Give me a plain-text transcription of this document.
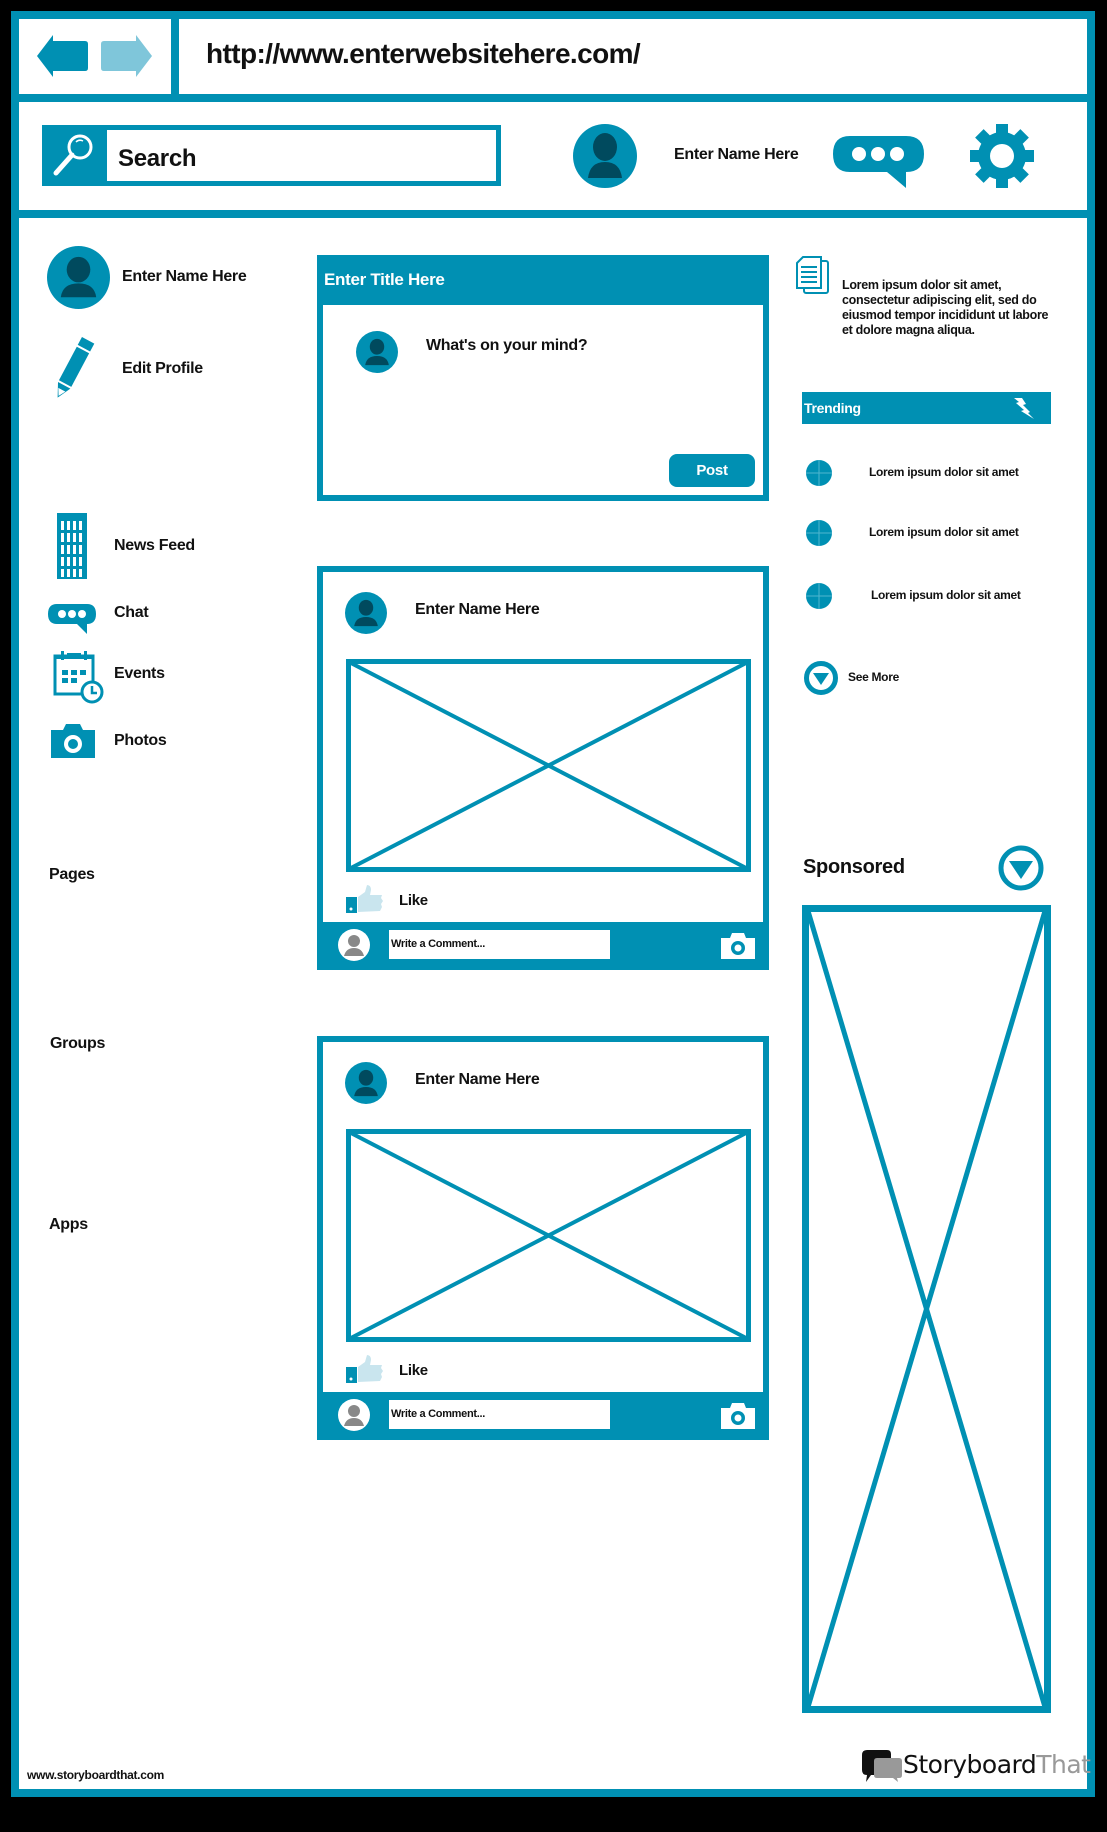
http://www.enterwebsitehere.com/
Search	Enter Name Here
Enter Name Here
Edit Profile
News Feed
Chat
Events
Photos
Pages
Groups
Apps
Enter Title Here
What's on your mind?
Post
Enter Name Here
Like
Write a Comment...
Enter Name Here
Like
Write a Comment...
Lorem ipsum dolor sit amet,
consectetur adipiscing elit, sed do
eiusmod tempor incididunt ut labore
et dolore magna aliqua.
Trending
Lorem ipsum dolor sit amet
Lorem ipsum dolor sit amet
Lorem ipsum dolor sit amet
See More
Sponsored
www.storyboardthat.com	StoryboardThat
